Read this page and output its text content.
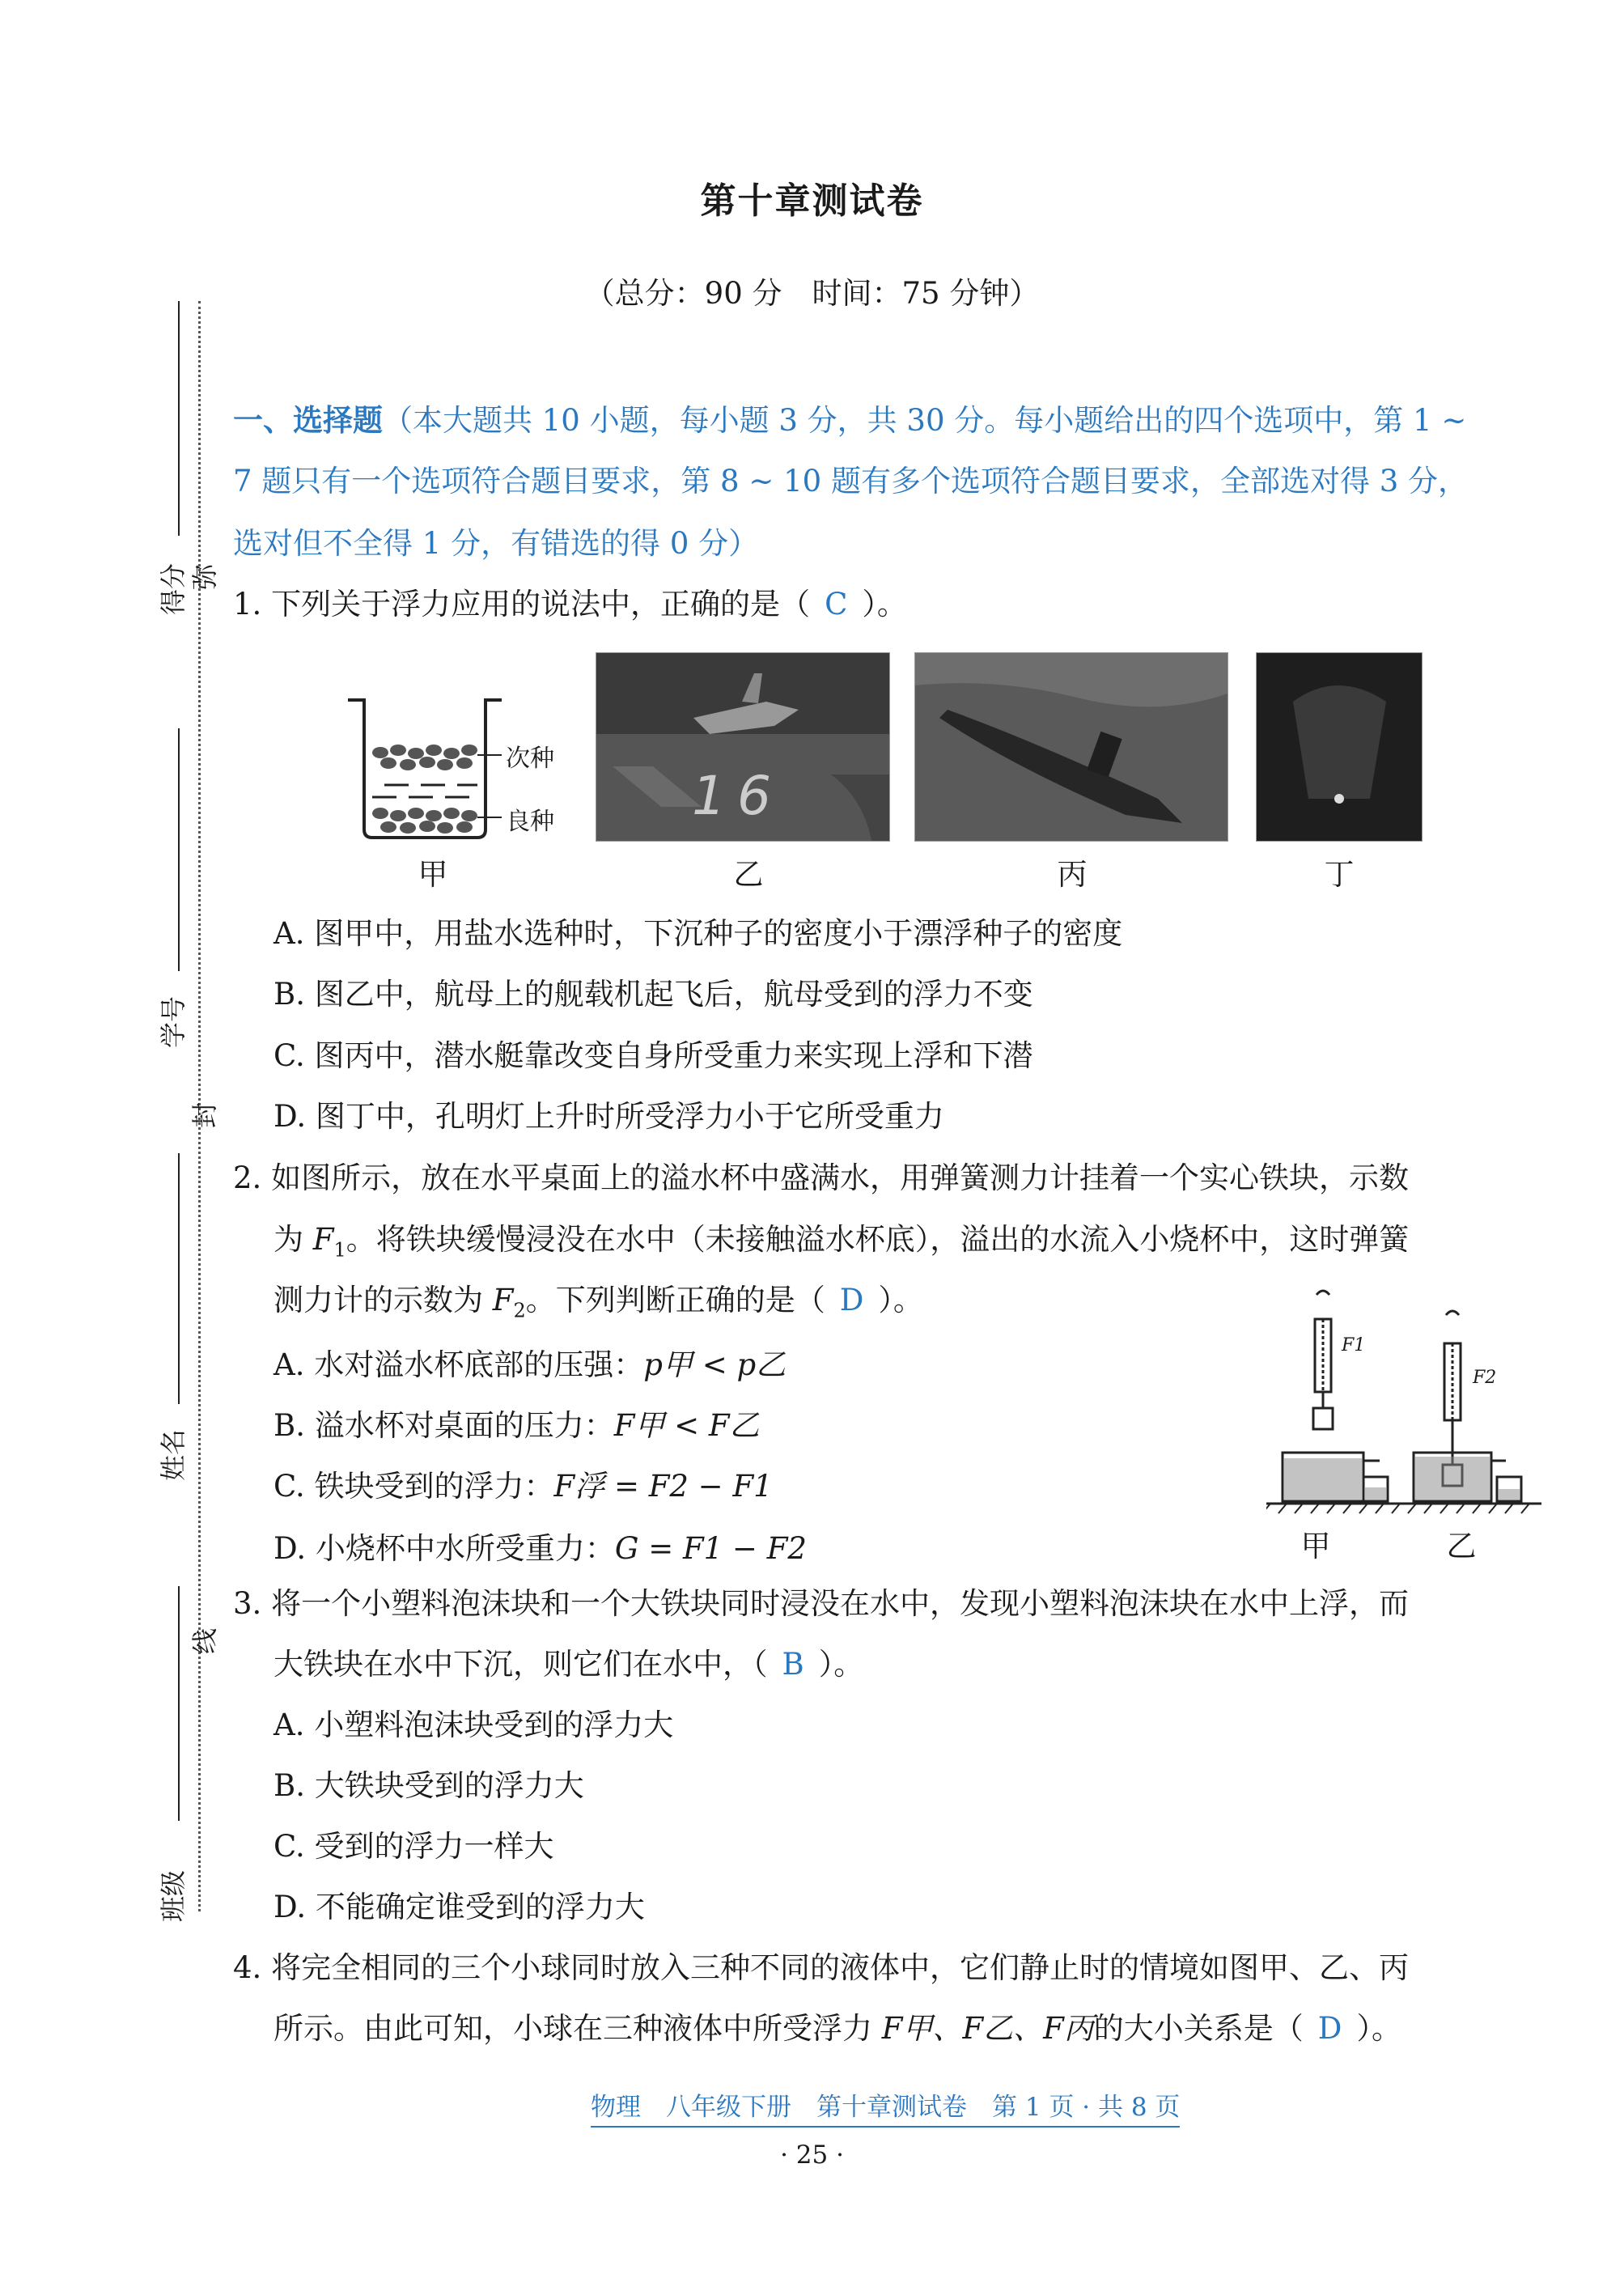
第十章测试卷
（总分：90 分　时间：75 分钟）
得分
学号
姓名
班级
弥
封
线
一、选择题（本大题共 10 小题，每小题 3 分，共 30 分。每小题给出的四个选项中，第 1 ~
7 题只有一个选项符合题目要求，第 8 ~ 10 题有多个选项符合题目要求，全部选对得 3 分，
选对但不全得 1 分，有错选的得 0 分）
1. 下列关于浮力应用的说法中，正确的是（ C ）。
次种
良种	16
甲	乙	丙	丁
A. 图甲中，用盐水选种时，下沉种子的密度小于漂浮种子的密度
B. 图乙中，航母上的舰载机起飞后，航母受到的浮力不变
C. 图丙中，潜水艇靠改变自身所受重力来实现上浮和下潜
D. 图丁中，孔明灯上升时所受浮力小于它所受重力
2. 如图所示，放在水平桌面上的溢水杯中盛满水，用弹簧测力计挂着一个实心铁块，示数
为 $F_1$。将铁块缓慢浸没在水中（未接触溢水杯底），溢出的水流入小烧杯中，这时弹簧
测力计的示数为 $F_2$。下列判断正确的是（ D ）。
A. 水对溢水杯底部的压强：p甲 < p乙
B. 溢水杯对桌面的压力：F甲 < F乙
C. 铁块受到的浮力：F浮 = F2 − F1
D. 小烧杯中水所受重力：G = F1 − F2
F1
F2
甲	乙
3. 将一个小塑料泡沫块和一个大铁块同时浸没在水中，发现小塑料泡沫块在水中上浮，而
大铁块在水中下沉，则它们在水中，（ B ）。
A. 小塑料泡沫块受到的浮力大
B. 大铁块受到的浮力大
C. 受到的浮力一样大
D. 不能确定谁受到的浮力大
4. 将完全相同的三个小球同时放入三种不同的液体中，它们静止时的情境如图甲、乙、丙
所示。由此可知，小球在三种液体中所受浮力 F甲、F乙、F丙的大小关系是（ D ）。
物理　八年级下册　第十章测试卷　第 1 页 · 共 8 页
· 25 ·
